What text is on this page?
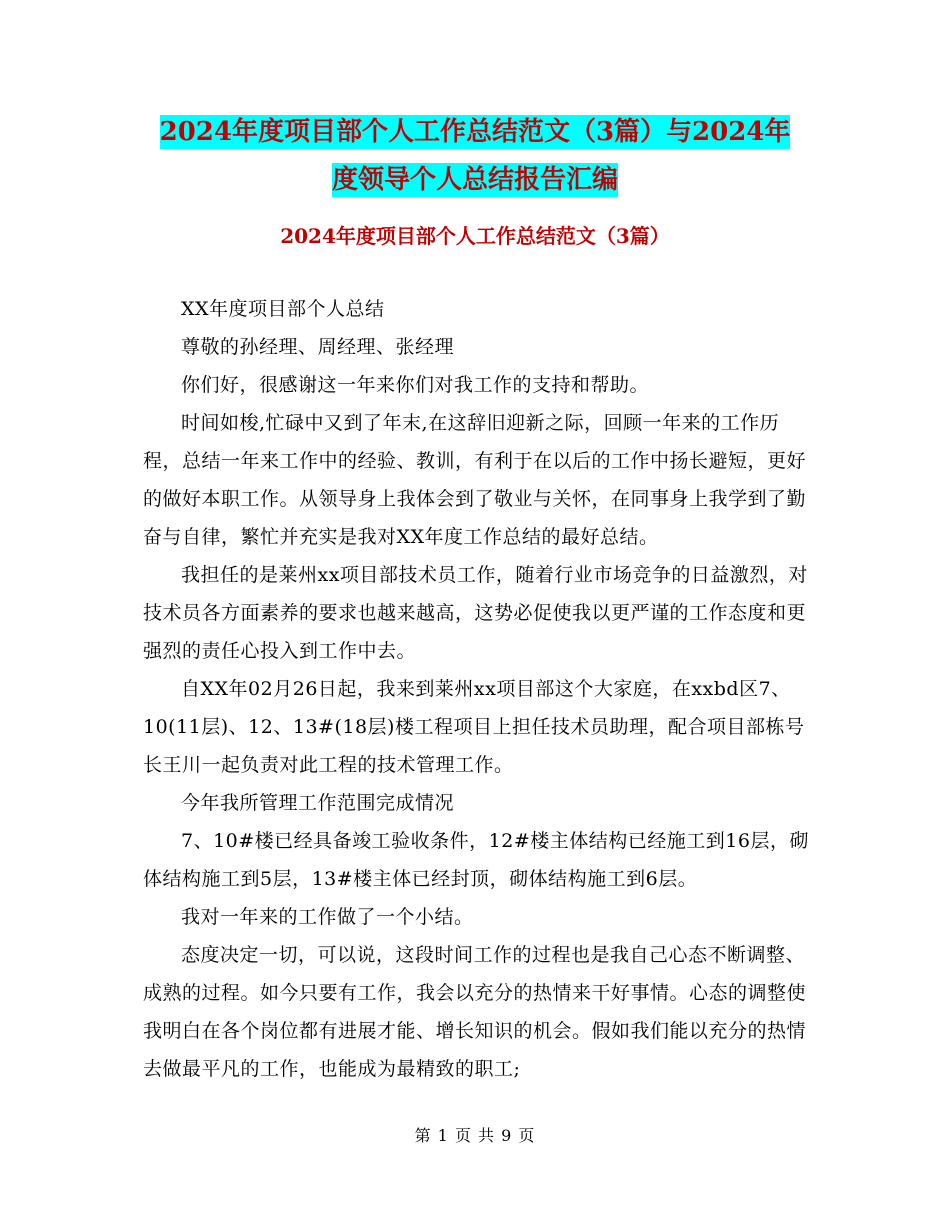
2024年度项目部个人工作总结范文（3篇）与2024年
度领导个人总结报告汇编
2024年度项目部个人工作总结范文（3篇）

XX年度项目部个人总结

尊敬的孙经理、周经理、张经理

你们好，很感谢这一年来你们对我工作的支持和帮助。

时间如梭,忙碌中又到了年末,在这辞旧迎新之际，回顾一年来的工作历程，总结一年来工作中的经验、教训，有利于在以后的工作中扬长避短，更好的做好本职工作。从领导身上我体会到了敬业与关怀，在同事身上我学到了勤奋与自律，繁忙并充实是我对XX年度工作总结的最好总结。

我担任的是莱州xx项目部技术员工作，随着行业市场竞争的日益激烈，对技术员各方面素养的要求也越来越高，这势必促使我以更严谨的工作态度和更强烈的责任心投入到工作中去。

自XX年02月26日起，我来到莱州xx项目部这个大家庭，在xxbd区7、10(11层)、12、13#(18层)楼工程项目上担任技术员助理，配合项目部栋号长王川一起负责对此工程的技术管理工作。

今年我所管理工作范围完成情况

7、10#楼已经具备竣工验收条件，12#楼主体结构已经施工到16层，砌体结构施工到5层，13#楼主体已经封顶，砌体结构施工到6层。

我对一年来的工作做了一个小结。

态度决定一切，可以说，这段时间工作的过程也是我自己心态不断调整、成熟的过程。如今只要有工作，我会以充分的热情来干好事情。心态的调整使我明白在各个岗位都有进展才能、增长知识的机会。假如我们能以充分的热情去做最平凡的工作，也能成为最精致的职工;

第 1 页 共 9 页
